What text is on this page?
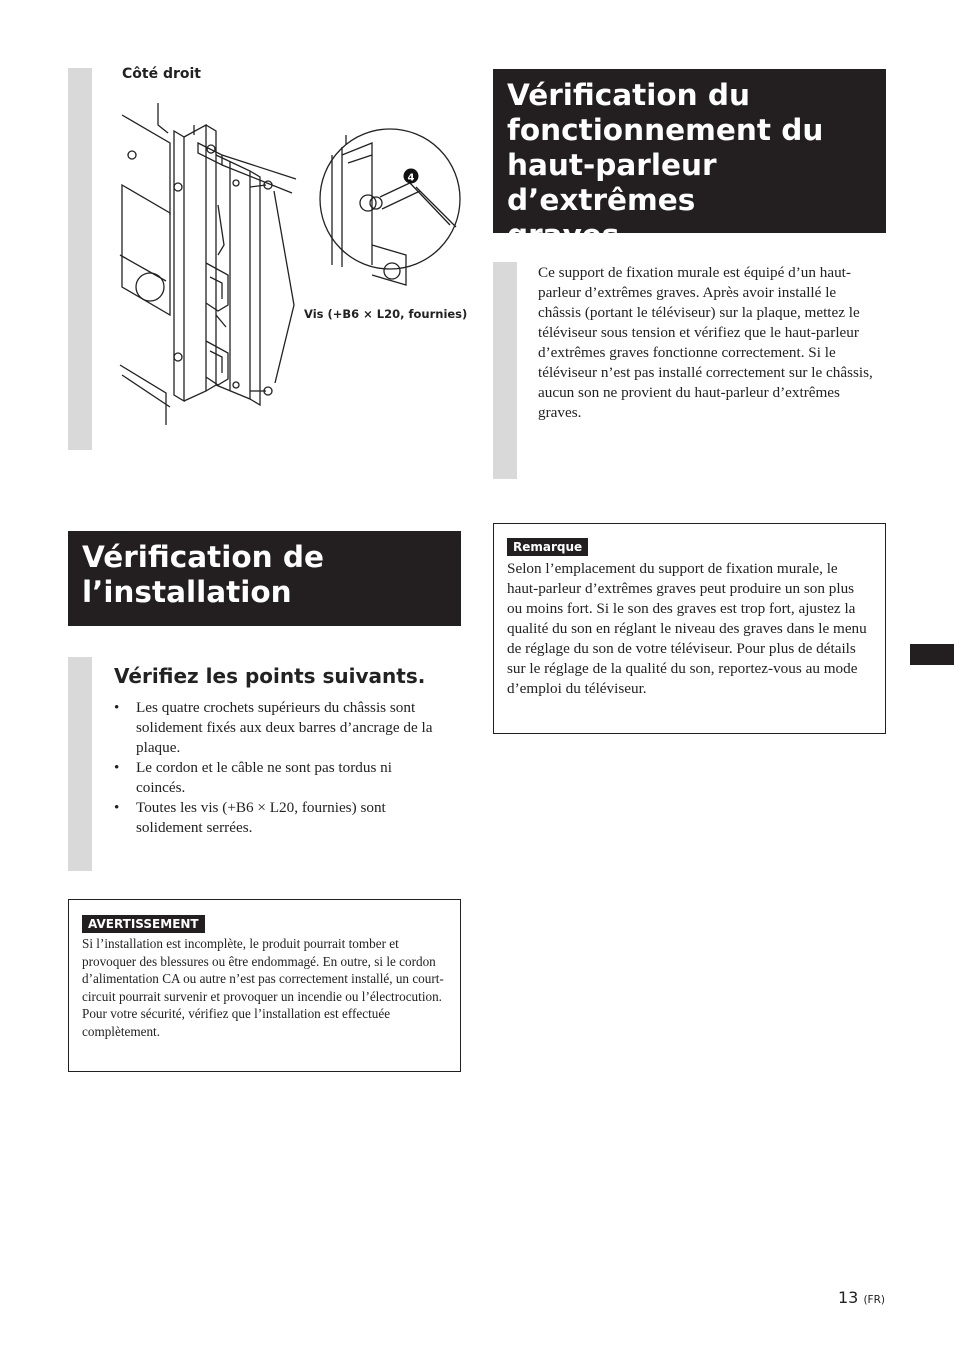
Côté droit
4
Vis (+B6 × L20, fournies)
Vérification de
l’installation
Vérifiez les points suivants.
• Les quatre crochets supérieurs du châssis sont solidement fixés aux deux barres d’ancrage de la plaque.
• Le cordon et le câble ne sont pas tordus ni coincés.
• Toutes les vis (+B6 × L20, fournies) sont solidement serrées.
AVERTISSEMENT
Si l’installation est incomplète, le produit pourrait tomber et provoquer des blessures ou être endommagé. En outre, si le cordon d’alimentation CA ou autre n’est pas correctement installé, un court-circuit pourrait survenir et provoquer un incendie ou l’électrocution. Pour votre sécurité, vérifiez que l’installation est effectuée complètement.
Vérification du
fonctionnement du
haut-parleur d’extrêmes
graves
Ce support de fixation murale est équipé d’un haut-parleur d’extrêmes graves. Après avoir installé le châssis (portant le téléviseur) sur la plaque, mettez le téléviseur sous tension et vérifiez que le haut-parleur d’extrêmes graves fonctionne correctement. Si le téléviseur n’est pas installé correctement sur le châssis, aucun son ne provient du haut-parleur d’extrêmes graves.
Remarque
Selon l’emplacement du support de fixation murale, le haut-parleur d’extrêmes graves peut produire un son plus ou moins fort. Si le son des graves est trop fort, ajustez la qualité du son en réglant le niveau des graves dans le menu de réglage du son de votre téléviseur. Pour plus de détails sur le réglage de la qualité du son, reportez-vous au mode d’emploi du téléviseur.
13 (FR)
